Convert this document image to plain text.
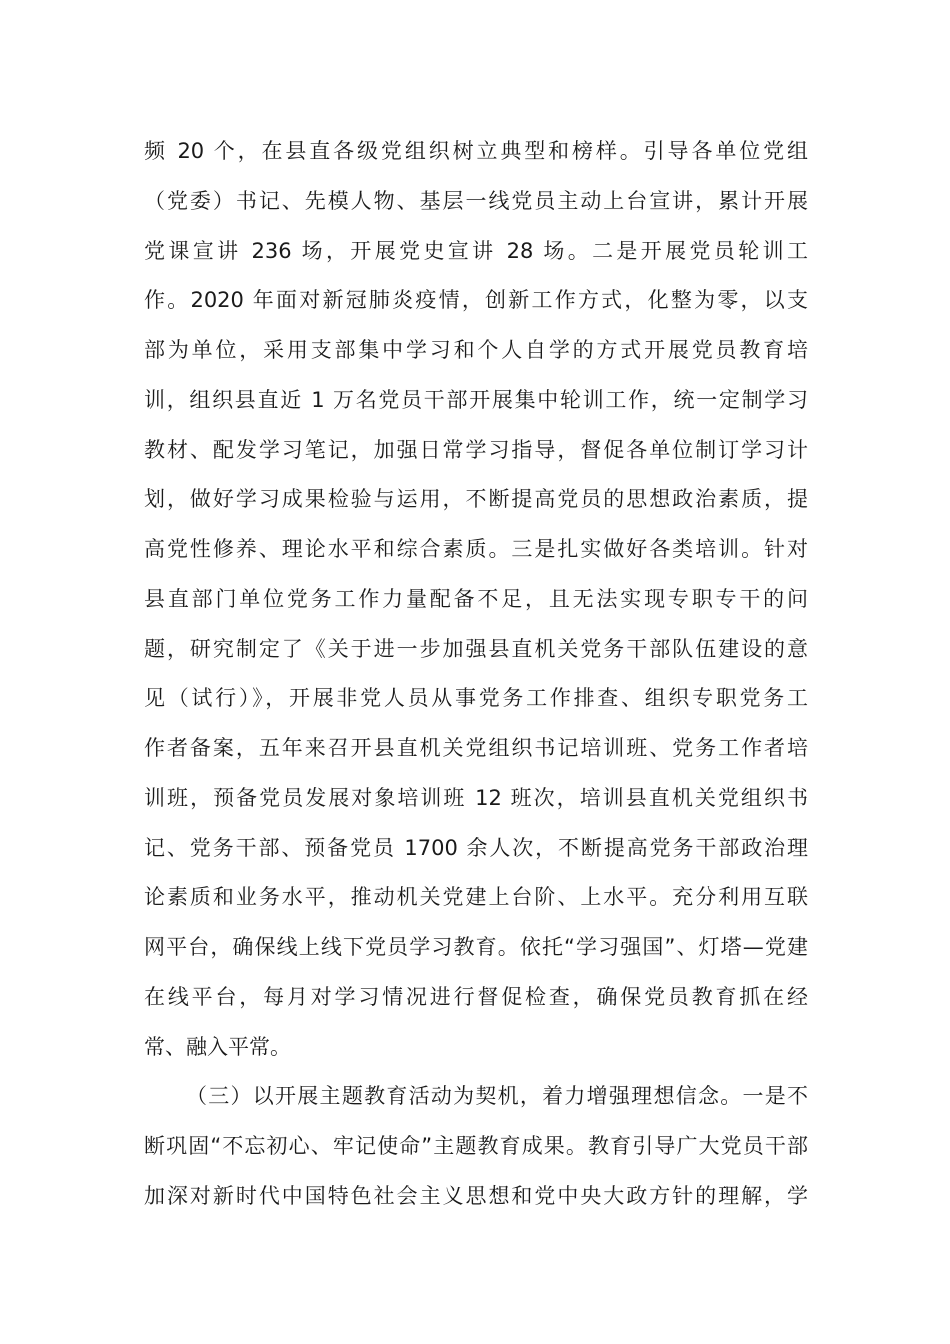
频 20 个，在县直各级党组织树立典型和榜样。引导各单位党组
（党委）书记、先模人物、基层一线党员主动上台宣讲，累计开展
党课宣讲 236 场，开展党史宣讲 28 场。二是开展党员轮训工
作。2020 年面对新冠肺炎疫情，创新工作方式，化整为零，以支
部为单位，采用支部集中学习和个人自学的方式开展党员教育培
训，组织县直近 1 万名党员干部开展集中轮训工作，统一定制学习
教材、配发学习笔记，加强日常学习指导，督促各单位制订学习计
划，做好学习成果检验与运用，不断提高党员的思想政治素质，提
高党性修养、理论水平和综合素质。三是扎实做好各类培训。针对
县直部门单位党务工作力量配备不足，且无法实现专职专干的问
题，研究制定了《关于进一步加强县直机关党务干部队伍建设的意
见（试行）》，开展非党人员从事党务工作排查、组织专职党务工
作者备案，五年来召开县直机关党组织书记培训班、党务工作者培
训班，预备党员发展对象培训班 12 班次，培训县直机关党组织书
记、党务干部、预备党员 1700 余人次，不断提高党务干部政治理
论素质和业务水平，推动机关党建上台阶、上水平。充分利用互联
网平台，确保线上线下党员学习教育。依托“学习强国”、灯塔—党建
在线平台，每月对学习情况进行督促检查，确保党员教育抓在经
常、融入平常。
（三）以开展主题教育活动为契机，着力增强理想信念。一是不
断巩固“不忘初心、牢记使命”主题教育成果。教育引导广大党员干部
加深对新时代中国特色社会主义思想和党中央大政方针的理解，学
